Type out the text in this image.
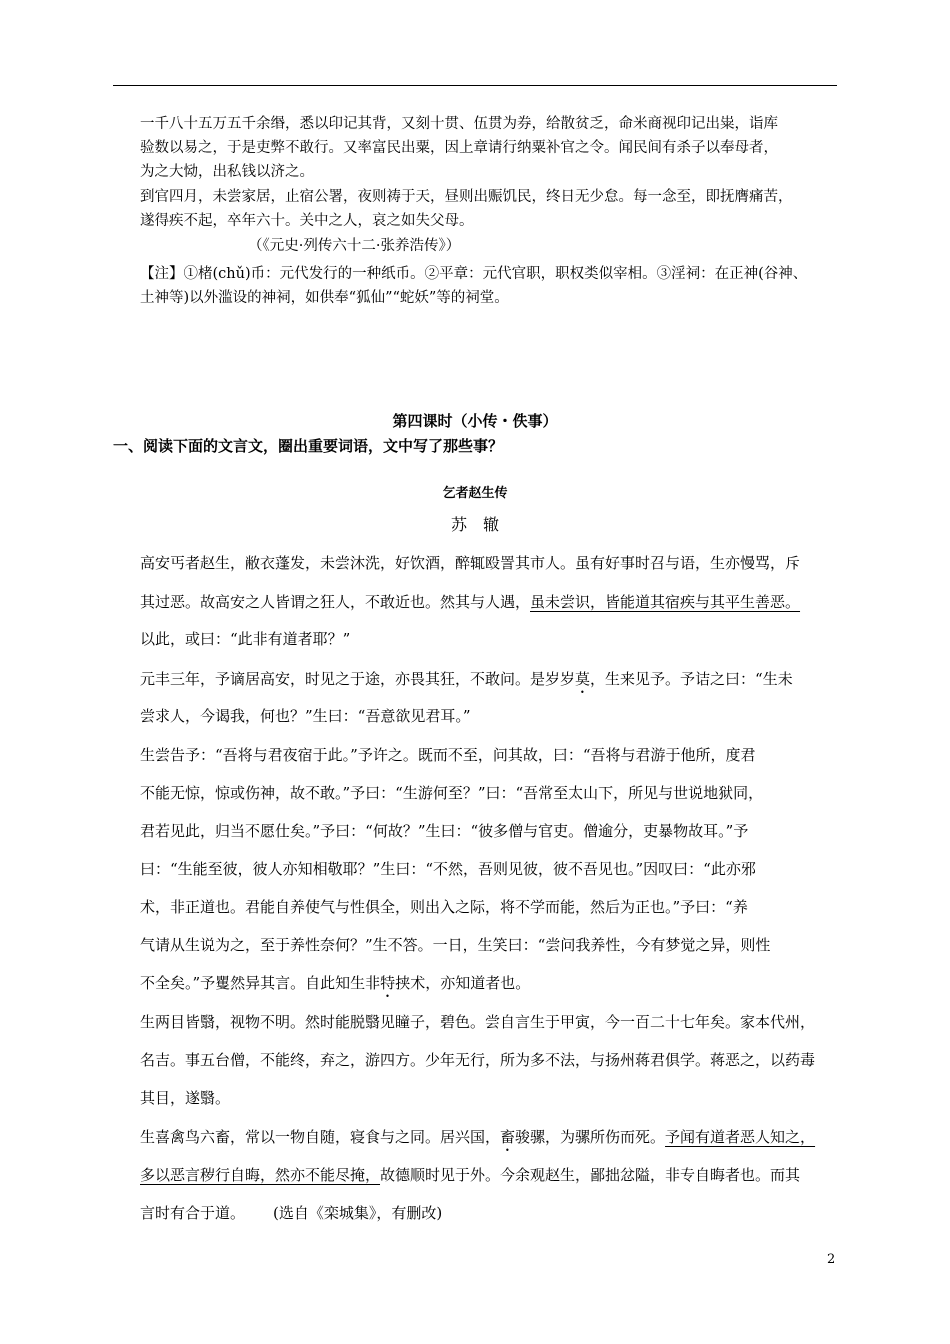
一千八十五万五千余缗，悉以印记其背，又刻十贯、伍贯为券，给散贫乏，命米商视印记出粜，诣库
验数以易之，于是吏弊不敢行。又率富民出粟，因上章请行纳粟补官之令。闻民间有杀子以奉母者，
为之大恸，出私钱以济之。
到官四月，未尝家居，止宿公署，夜则祷于天，昼则出赈饥民，终日无少怠。每一念至，即抚膺痛苦，
遂得疾不起，卒年六十。关中之人，哀之如失父母。
（《元史·列传六十二·张养浩传》）
【注】①楮(chǔ)币：元代发行的一种纸币。②平章：元代官职，职权类似宰相。③淫祠：在正神(谷神、
土神等)以外滥设的神祠，如供奉“狐仙”“蛇妖”等的祠堂。
第四课时（小传・佚事）
一、阅读下面的文言文，圈出重要词语，文中写了那些事？
乞者赵生传
苏　辙
高安丐者赵生，敝衣蓬发，未尝沐洗，好饮酒，醉辄殴詈其市人。虽有好事时召与语，生亦慢骂，斥
其过恶。故高安之人皆谓之狂人，不敢近也。然其与人遇，虽未尝识，皆能道其宿疾与其平生善恶。
以此，或曰：“此非有道者耶？”
元丰三年，予谪居高安，时见之于途，亦畏其狂，不敢问。是岁岁莫，生来见予。予诘之曰：“生未
尝求人，今谒我，何也？”生曰：“吾意欲见君耳。”
生尝告予：“吾将与君夜宿于此。”予许之。既而不至，问其故，曰：“吾将与君游于他所，度君
不能无惊，惊或伤神，故不敢。”予曰：“生游何至？”曰：“吾常至太山下，所见与世说地狱同，
君若见此，归当不愿仕矣。”予曰：“何故？”生曰：“彼多僧与官吏。僧逾分，吏暴物故耳。”予
曰：“生能至彼，彼人亦知相敬耶？”生曰：“不然，吾则见彼，彼不吾见也。”因叹曰：“此亦邪
术，非正道也。君能自养使气与性俱全，则出入之际，将不学而能，然后为正也。”予曰：“养
气请从生说为之，至于养性奈何？”生不答。一日，生笑曰：“尝问我养性，今有梦觉之异，则性
不全矣。”予矍然异其言。自此知生非特挟术，亦知道者也。
生两目皆翳，视物不明。然时能脱翳见瞳子，碧色。尝自言生于甲寅，今一百二十七年矣。家本代州，
名吉。事五台僧，不能终，弃之，游四方。少年无行，所为多不法，与扬州蒋君俱学。蒋恶之，以药毒
其目，遂翳。
生喜禽鸟六畜，常以一物自随，寝食与之同。居兴国，畜骏骡，为骡所伤而死。予闻有道者恶人知之，
多以恶言秽行自晦，然亦不能尽掩，故德顺时见于外。今余观赵生，鄙拙忿隘，非专自晦者也。而其
言时有合于道。 (选自《栾城集》，有删改)
2
